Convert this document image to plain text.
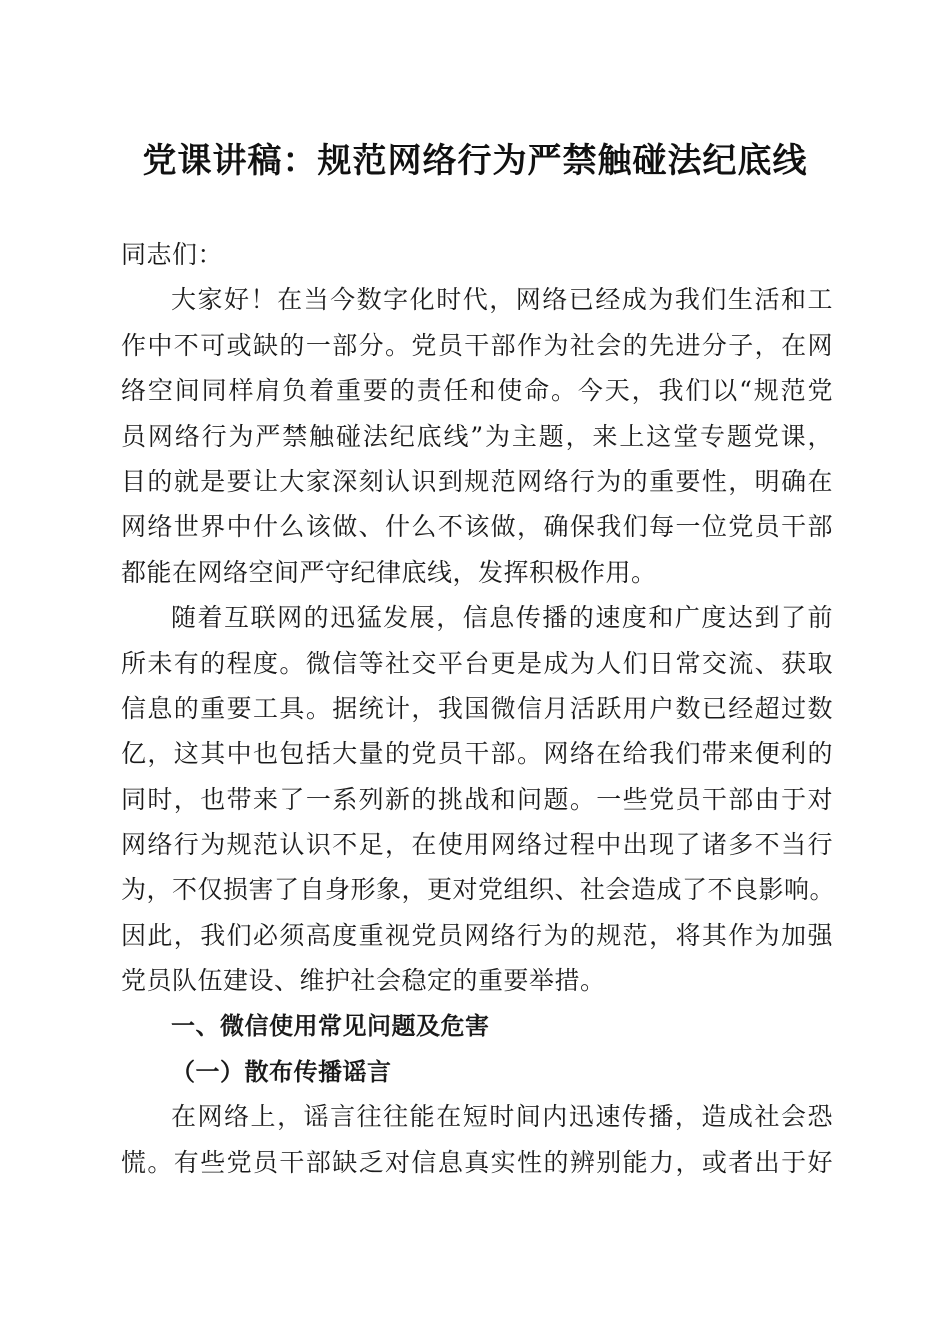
党课讲稿：规范网络行为严禁触碰法纪底线
同志们：
大家好！在当今数字化时代，网络已经成为我们生活和工
作中不可或缺的一部分。党员干部作为社会的先进分子，在网
络空间同样肩负着重要的责任和使命。今天，我们以“规范党
员网络行为严禁触碰法纪底线”为主题，来上这堂专题党课，
目的就是要让大家深刻认识到规范网络行为的重要性，明确在
网络世界中什么该做、什么不该做，确保我们每一位党员干部
都能在网络空间严守纪律底线，发挥积极作用。
随着互联网的迅猛发展，信息传播的速度和广度达到了前
所未有的程度。微信等社交平台更是成为人们日常交流、获取
信息的重要工具。据统计，我国微信月活跃用户数已经超过数
亿，这其中也包括大量的党员干部。网络在给我们带来便利的
同时，也带来了一系列新的挑战和问题。一些党员干部由于对
网络行为规范认识不足，在使用网络过程中出现了诸多不当行
为，不仅损害了自身形象，更对党组织、社会造成了不良影响。
因此，我们必须高度重视党员网络行为的规范，将其作为加强
党员队伍建设、维护社会稳定的重要举措。
一、微信使用常见问题及危害
（一）散布传播谣言
在网络上，谣言往往能在短时间内迅速传播，造成社会恐
慌。有些党员干部缺乏对信息真实性的辨别能力，或者出于好
